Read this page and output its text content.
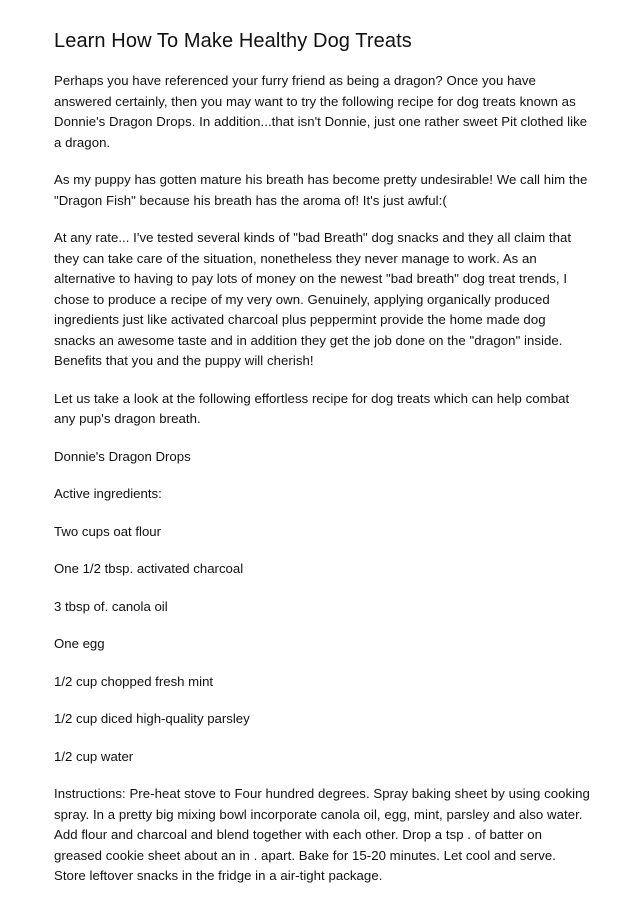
Learn How To Make Healthy Dog Treats

Perhaps you have referenced your furry friend as being a dragon? Once you have answered certainly, then you may want to try the following recipe for dog treats known as Donnie's Dragon Drops. In addition...that isn't Donnie, just one rather sweet Pit clothed like a dragon.

As my puppy has gotten mature his breath has become pretty undesirable! We call him the "Dragon Fish" because his breath has the aroma of! It's just awful:(

At any rate... I've tested several kinds of "bad Breath" dog snacks and they all claim that they can take care of the situation, nonetheless they never manage to work. As an alternative to having to pay lots of money on the newest "bad breath" dog treat trends, I chose to produce a recipe of my very own. Genuinely, applying organically produced ingredients just like activated charcoal plus peppermint provide the home made dog snacks an awesome taste and in addition they get the job done on the "dragon" inside. Benefits that you and the puppy will cherish!

Let us take a look at the following effortless recipe for dog treats which can help combat any pup's dragon breath.

Donnie's Dragon Drops

Active ingredients:

Two cups oat flour

One 1/2 tbsp. activated charcoal

3 tbsp of. canola oil

One egg

1/2 cup chopped fresh mint

1/2 cup diced high-quality parsley

1/2 cup water

Instructions: Pre-heat stove to Four hundred degrees. Spray baking sheet by using cooking spray. In a pretty big mixing bowl incorporate canola oil, egg, mint, parsley and also water. Add flour and charcoal and blend together with each other. Drop a tsp . of batter on greased cookie sheet about an in . apart. Bake for 15-20 minutes. Let cool and serve. Store leftover snacks in the fridge in a air-tight package.
